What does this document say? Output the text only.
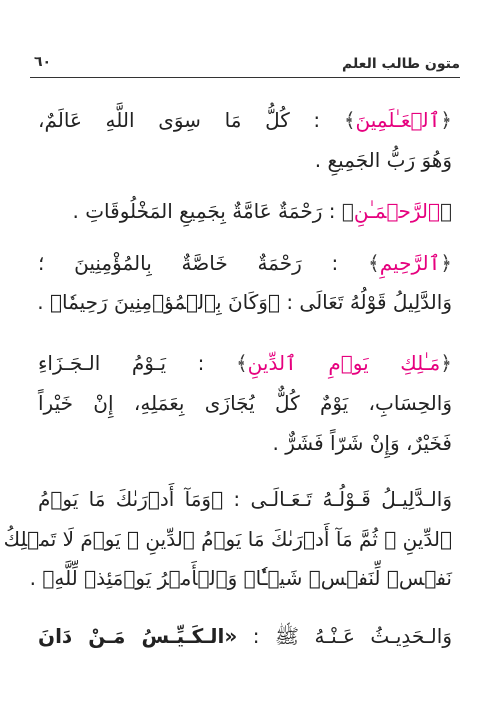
متون طالب العلم
٦٠
﴿ٱلۡعَـٰلَمِينَ﴾ : كُلُّ مَا سِوَى اللَّهِ عَالَمٌ،
وَهُوَ رَبُّ الجَمِيعِ .
﴿ٱلرَّحۡمَـٰنِ﴾ : رَحْمَةٌ عَامَّةٌ بِجَمِيعِ المَخْلُوقَاتِ .
﴿ٱلرَّحِيمِ﴾ : رَحْمَةٌ خَاصَّةٌ بِالمُؤْمِنِينَ ؛
وَالدَّلِيلُ قَوْلُهُ تَعَالَى : ﴿وَكَانَ بِٱلۡمُؤۡمِنِينَ رَحِيمٗا﴾ .
﴿مَـٰلِكِ يَوۡمِ ٱلدِّينِ﴾ : يَـوْمُ الـجَـزَاءِ
وَالحِسَابِ، يَوْمٌ كُلٌّ يُجَازَى بِعَمَلِهِ، إِنْ خَيْراً
فَخَيْرٌ، وَإِنْ شَرّاً فَشَرٌّ .
وَالـدَّلِيـلُ قَـوْلُـهُ تَـعَـالَـى : ﴿وَمَآ أَدۡرَىٰكَ مَا يَوۡمُ
ٱلدِّينِ ۞ ثُمَّ مَآ أَدۡرَىٰكَ مَا يَوۡمُ ٱلدِّينِ ۞ يَوۡمَ لَا تَمۡلِكُ
نَفۡسٞ لِّنَفۡسٖ شَيۡـٔٗاۖ وَٱلۡأَمۡرُ يَوۡمَئِذٖ لِّلَّهِ﴾ .
وَالـحَدِيـثُ عَـنْـهُ ﷺ : «الـكَـيِّـسُ مَـنْ دَانَ
